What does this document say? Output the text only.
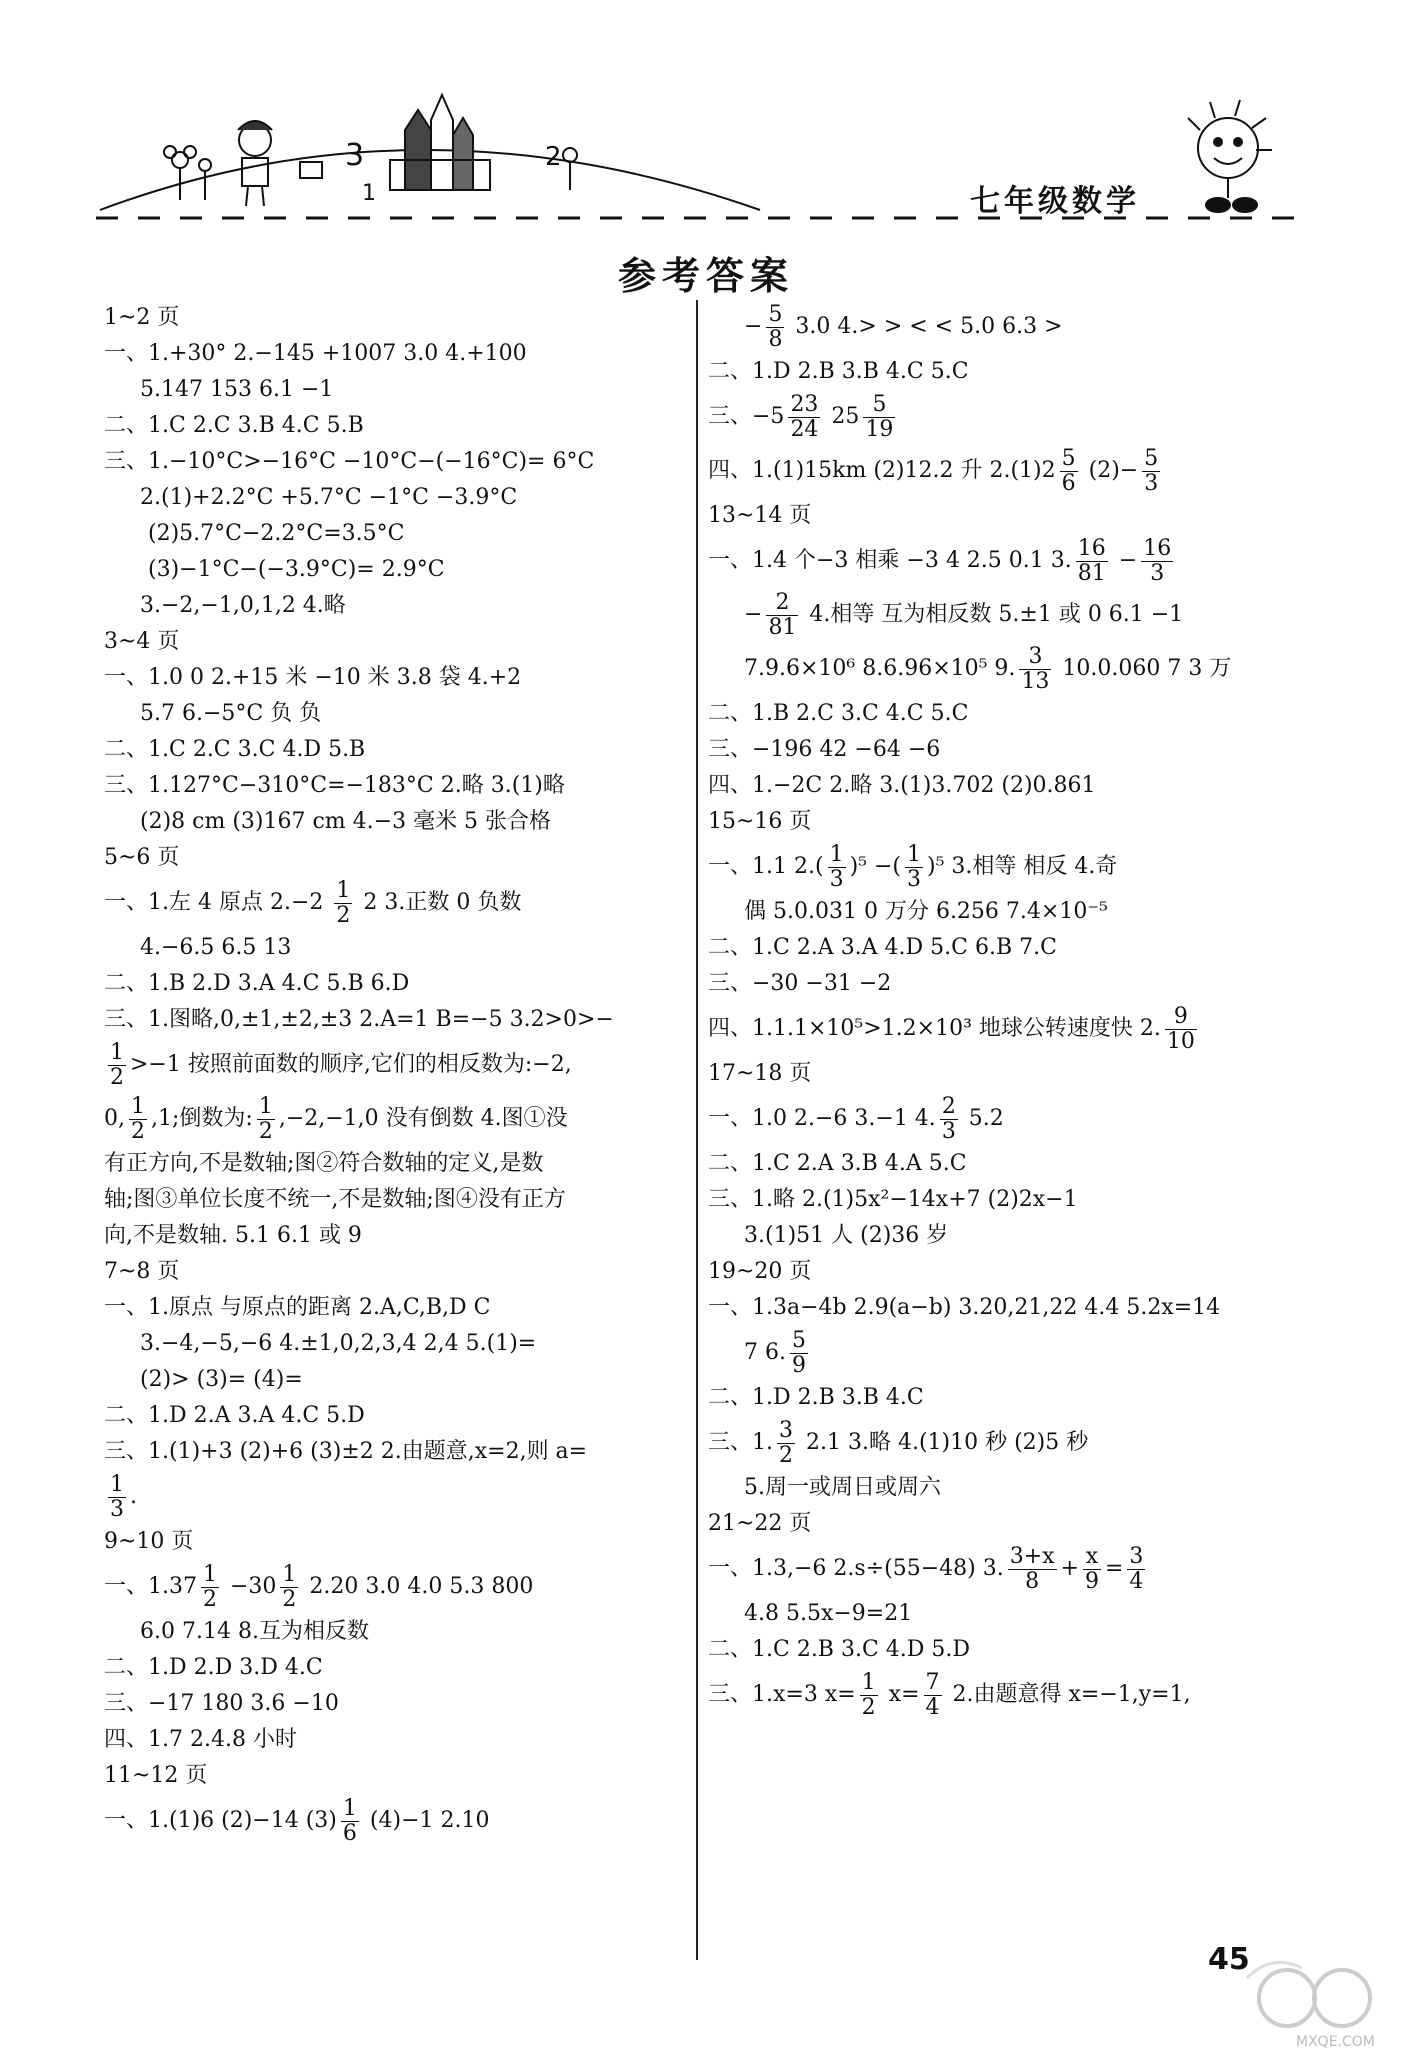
3
1
2
七年级数学
参考答案
1~2 页
一、1.+30° 2.−145 +1007 3.0 4.+100
5.147 153 6.1 −1
二、1.C 2.C 3.B 4.C 5.B
三、1.−10°C>−16°C −10°C−(−16°C)= 6°C
2.(1)+2.2°C +5.7°C −1°C −3.9°C
(2)5.7°C−2.2°C=3.5°C
(3)−1°C−(−3.9°C)= 2.9°C
3.−2,−1,0,1,2 4.略
3~4 页
一、1.0 0 2.+15 米 −10 米 3.8 袋 4.+2
5.7 6.−5°C 负 负
二、1.C 2.C 3.C 4.D 5.B
三、1.127°C−310°C=−183°C 2.略 3.(1)略
(2)8 cm (3)167 cm 4.−3 毫米 5 张合格
5~6 页
一、1.左 4 原点 $2.-2 \frac{1}{2} 2$ 3.正数 0 负数
4.−6.5 6.5 13
二、1.B 2.D 3.A 4.C 5.B 6.D
三、1.图略,0,±1,±2,±3 2.A=1 B=−5 3.2>0>−
$\frac{1}{2} >-1$ 按照前面数的顺序,它们的相反数为:−2,
0, $\frac{1}{2} ,1$;倒数为: $\frac{1}{2} ,-2,-1,0$ 没有倒数 4.图①没
有正方向,不是数轴;图②符合数轴的定义,是数
轴;图③单位长度不统一,不是数轴;图④没有正方
向,不是数轴. 5.1 6.1 或 9
7~8 页
一、1.原点 与原点的距离 2.A,C,B,D C
3.−4,−5,−6 4.±1,0,2,3,4 2,4 5.(1)=
(2)> (3)= (4)=
二、1.D 2.A 3.A 4.C 5.D
三、1.(1)+3 (2)+6 (3)±2 2.由题意,x=2,则 a=
$\frac{1}{3}$ .
9~10 页
一、$1.37 \frac{1}{2} -30 \frac{1}{2} 2.20$ 3.0 4.0 5.3 800
6.0 7.14 8.互为相反数
二、1.D 2.D 3.D 4.C
三、−17 180 3.6 −10
四、1.7 2.4.8 小时
11~12 页
一、1.(1)6 (2)−14 $(3) \frac{1}{6} (4)-1$ 2.10
− $\frac{5}{8} 3.0$ 4.> > < < 5.0 6.3 >
二、1.D 2.B 3.B 4.C 5.C
三、$-5 \frac{23}{24} 25 \frac{5}{19}$
四、1.(1)15km (2)12.2 升 $2.(1)2 \frac{5}{6} (2)- \frac{5}{3}$
13~14 页
一、1.4 个−3 相乘 −3 4 2.5 0.1 3. $\frac{16}{81} - \frac{16}{3}$
− $\frac{2}{81} 4$.相等 互为相反数 5.±1 或 0 6.1 −1
7.9.6×10⁶ 8.6.96×10⁵ 9. $\frac{3}{13} 10.0.060$ 7 3 万
二、1.B 2.C 3.C 4.C 5.C
三、−196 42 −64 −6
四、1.−2C 2.略 3.(1)3.702 (2)0.861
15~16 页
一、1.1 $2.( \frac{1}{3} )^5$ −( $\frac{1}{3} )^5$ 3.相等 相反 4.奇
偶 5.0.031 0 万分 6.256 7.4×10⁻⁵
二、1.C 2.A 3.A 4.D 5.C 6.B 7.C
三、−30 −31 −2
四、1.1.1×10⁵>1.2×10³ 地球公转速度快 2. $\frac{9}{10}$
17~18 页
一、1.0 2.−6 3.−1 4. $\frac{2}{3} 5.2$
二、1.C 2.A 3.B 4.A 5.C
三、1.略 2.(1)5x²−14x+7 (2)2x−1
3.(1)51 人 (2)36 岁
19~20 页
一、1.3a−4b 2.9(a−b) 3.20,21,22 4.4 5.2x=14
7 6. $\frac{5}{9}$
二、1.D 2.B 3.B 4.C
三、1. $\frac{3}{2} 2.1$ 3.略 4.(1)10 秒 (2)5 秒
5.周一或周日或周六
21~22 页
一、1.3,−6 2.s÷(55−48) 3. $\frac{3+x}{8} + \frac{x}{9} = \frac{3}{4}$
4.8 5.5x−9=21
二、1.C 2.B 3.C 4.D 5.D
三、1.x=3 $x= \frac{1}{2} x= \frac{7}{4} 2$.由题意得 x=−1,y=1,
45
MXQE.COM
